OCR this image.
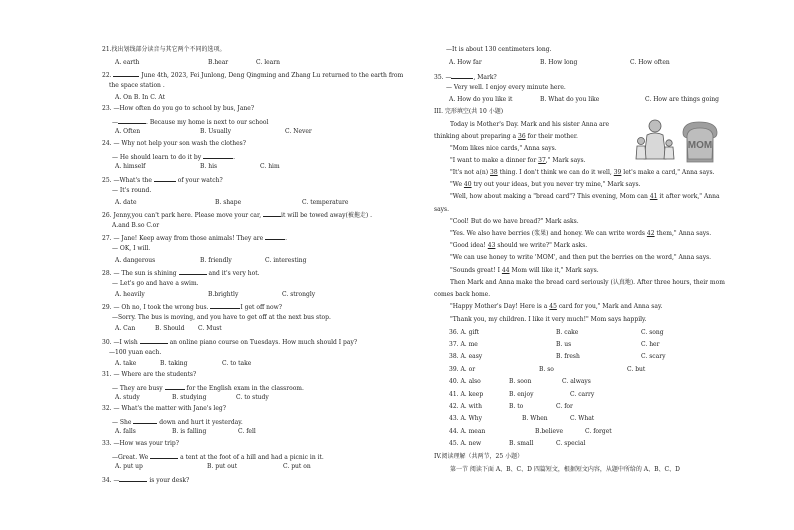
21.找出划线部分读音与其它两个不同的选项。
A. earth	B.hear	C. learn
22.	June 4th, 2023, Fei Junlong, Deng Qingming and Zhang Lu returned to the earth from
the space station .
A. On B. In C. At
23. —How often do you go to school by bus, Jane?
—	. Because my home is next to our school
A. Often	B. Usually	C. Never
24. — Why not help your son wash the clothes?
— He should learn to do it by	.
A. himself	B. his	C. him
25. —What's the	of your watch?
— It's round.
A. date	B. shape	C. temperature
26. Jenny,you can't park here. Please move your car,	it will be towed away(被拖走) .
A.and B.so C.or
27. — Jane! Keep away from those animals! They are	.
— OK, I will.
A. dangerous	B. friendly	C. interesting
28. — The sun is shining	and it's very hot.
— Let's go and have a swim.
A. heavily	B.brightly	C. strongly
29. — Oh no, I took the wrong bus.	I get off now?
—Sorry. The bus is moving, and you have to get off at the next bus stop.
A. Can	B. Should C. Must
30. —I wish	an online piano course on Tuesdays. How much should I pay?
—100 yuan each.
A. take	B. taking	C. to take
31. — Where are the students?
— They are busy	for the English exam in the classroom.
A. study	B. studying	C. to study
32. — What's the matter with Jane's leg?
— She	down and hurt it yesterday.
A. falls	B. is falling	C. fell
33. —How was your trip?
—Great. We	a tent at the foot of a hill and had a picnic in it.
A. put up	B. put out	C. put on
34. —	is your desk?
—It is about 130 centimeters long.
A. How far	B. How long	C. How often
35. —	, Mark?
— Very well. I enjoy every minute here.
A. How do you like it	B. What do you like	C. How are things going
III. 完形填空(共 10 小题)
Today is Mother's Day. Mark and his sister Anna are
thinking about preparing a 36 for their mother.
"Mom likes nice cards," Anna says.
"I want to make a dinner for 37," Mark says.
"It's not a(n) 38 thing. I don't think we can do it well, 39 let's make a card," Anna says.
"We 40 try out your ideas, but you never try mine," Mark says.
"Well, how about making a "bread card"? This evening, Mom can 41 it after work," Anna
says.
"Cool! But do we have bread?" Mark asks.
"Yes. We also have berries (浆果) and honey. We can write words 42 them," Anna says.
"Good idea! 43 should we write?" Mark asks.
"We can use honey to write 'MOM', and then put the berries on the word," Anna says.
"Sounds great! I 44 Mom will like it," Mark says.
Then Mark and Anna make the bread card seriously (认真地). After three hours, their mom
comes back home.
"Happy Mother's Day! Here is a 45 card for you," Mark and Anna say.
"Thank you, my children. I like it very much!" Mom says happily.
36. A. gift	B. cake	C. song
37. A. me	B. us	C. her
38. A. easy	B. fresh	C. scary
39. A. or	B. so	C. but
40. A. also	B. soon	C. always
41. A. keep	B. enjoy	C. carry
42. A. with	B. to	C. for
43. A. Why	B. When	C. What
44. A. mean	B.believe	C. forget
45. A. new	B. small	C. special
IV.阅读理解（共两节，25 小题）
第一节 阅读下面 A、B、C、D 四篇短文，根据短文内容，从题中所给的 A、B、C、D
MOM
